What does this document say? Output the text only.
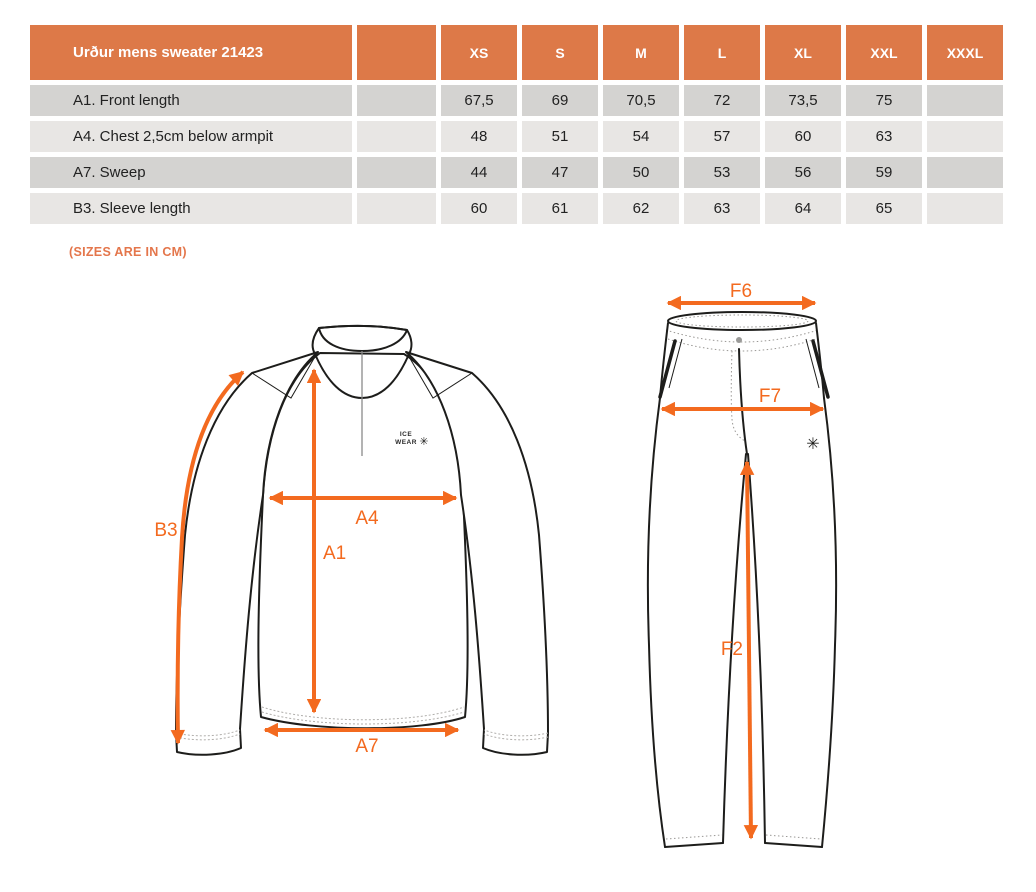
Urður mens sweater 21423	XS	S	M	L	XL	XXL	XXXL
A1. Front length	67,5	69	70,5	72	73,5	75
A4. Chest 2,5cm below armpit	48	51	54	57	60	63
A7. Sweep	44	47	50	53	56	59
B3. Sleeve length	60	61	62	63	64	65
(SIZES ARE IN CM)
ICE
WEAR ✳
B3
A4
A1
A7
✳
F6
F7
F2
